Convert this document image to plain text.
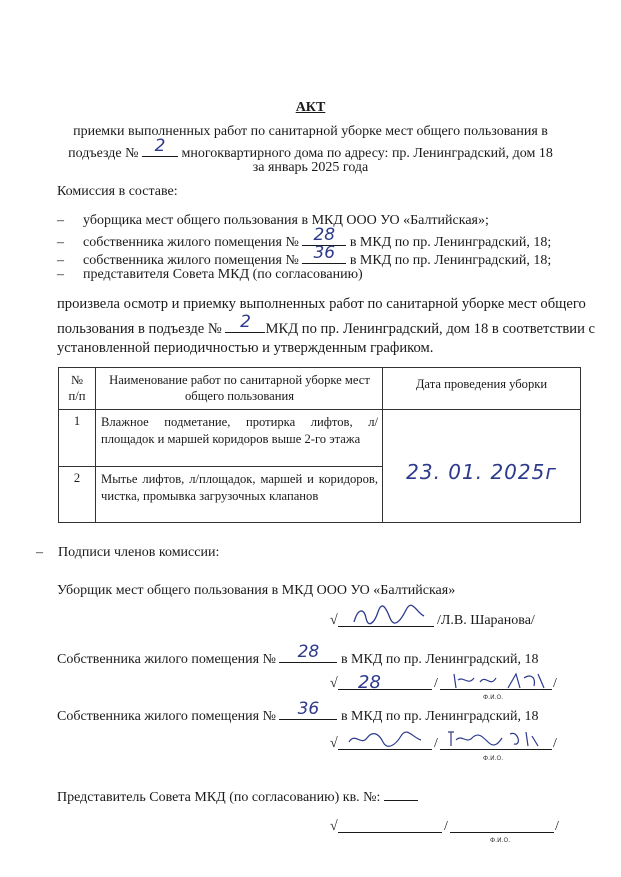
АКТ
приемки выполненных работ по санитарной уборке мест общего пользования в
подъезде № 2	многоквартирного дома по адресу: пр. Ленинградский, дом 18
за январь 2025 года
Комиссия в составе:
– уборщика мест общего пользования в МКД ООО УО «Балтийская»;
– собственника жилого помещения № 28	в МКД по пр. Ленинградский, 18;
– собственника жилого помещения № 36	в МКД по пр. Ленинградский, 18;
– представителя Совета МКД (по согласованию)
произвела осмотр и приемку выполненных работ по санитарной уборке мест общего
пользования в подъезде №	2 МКД по пр. Ленинградский, дом 18 в соответствии с
установленной периодичностью и утвержденным графиком.
№ п/п	Наименование работ по санитарной уборке мест общего пользования	Дата проведения уборки
1	Влажное подметание, протирка лифтов, л/площадок и маршей коридоров выше 2-го этажа	23. 01. 2025г
2	Мытье лифтов, л/площадок, маршей и коридоров, чистка, промывка загрузочных клапанов	
– Подписи членов комиссии:
Уборщик мест общего пользования в МКД ООО УО «Балтийская»
√	/Л.В. Шаранова/
Собственника жилого помещения №	28	в МКД по пр. Ленинградский, 18
√ 28	/	/
Ф.И.О.
Собственника жилого помещения №	36	в МКД по пр. Ленинградский, 18
√	/	/
Ф.И.О.
Представитель Совета МКД (по согласованию) кв. №:
√	/	/
Ф.И.О.
